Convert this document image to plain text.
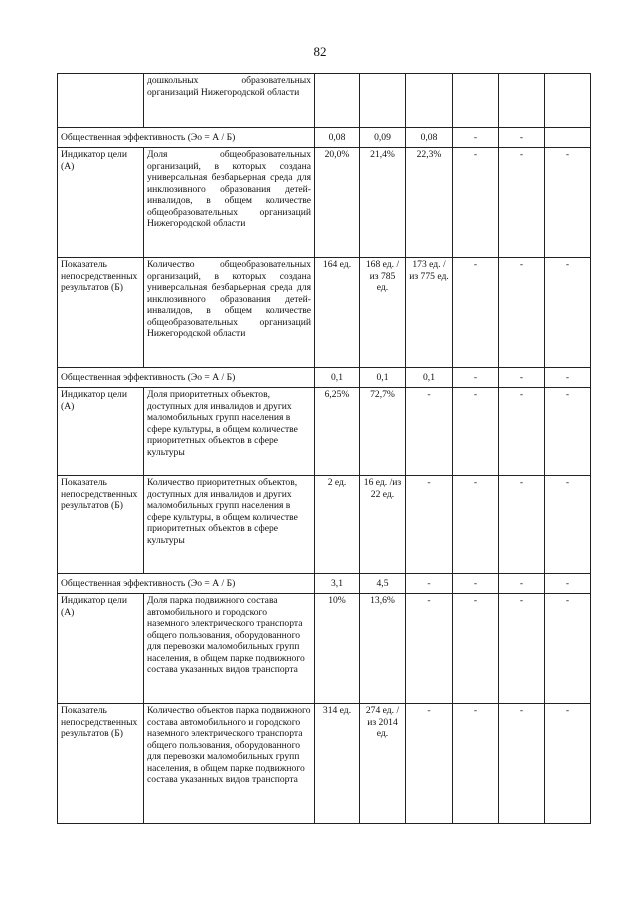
82
	дошкольных образовательных организаций Нижегородской области						
Общественная эффективность (Эо = А / Б)		0,08	0,09	0,08	-	-	
Индикатор цели (А)	Доля общеобразовательных организаций, в которых создана универсальная безбарьерная среда для инклюзивного образования детей-инвалидов, в общем количестве общеобразовательных организаций Нижегородской области	20,0%	21,4%	22,3%	-	-	-
Показатель непосредственных результатов (Б)	Количество общеобразовательных организаций, в которых создана универсальная безбарьерная среда для инклюзивного образования детей-инвалидов, в общем количестве общеобразовательных организаций Нижегородской области	164 ед.	168 ед. /из 785 ед.	173 ед. /из 775 ед.	-	-	-
Общественная эффективность (Эо = А / Б)		0,1	0,1	0,1	-	-	-
Индикатор цели (А)	Доля приоритетных объектов, доступных для инвалидов и других маломобильных групп населения в сфере культуры, в общем количестве приоритетных объектов в сфере культуры	6,25%	72,7%	-	-	-	-
Показатель непосредственных результатов (Б)	Количество приоритетных объектов, доступных для инвалидов и других маломобильных групп населения в сфере культуры, в общем количестве приоритетных объектов в сфере культуры	2 ед.	16 ед. /из 22 ед.	-	-	-	-
Общественная эффективность (Эо = А / Б)		3,1	4,5	-	-	-	-
Индикатор цели (А)	Доля парка подвижного состава автомобильного и городского наземного электрического транспорта общего пользования, оборудованного для перевозки маломобильных групп населения, в общем парке подвижного состава указанных видов транспорта	10%	13,6%	-	-	-	-
Показатель непосредственных результатов (Б)	Количество объектов парка подвижного состава автомобильного и городского наземного электрического транспорта общего пользования, оборудованного для перевозки маломобильных групп населения, в общем парке подвижного состава указанных видов транспорта	314 ед.	274 ед. /из 2014 ед.	-	-	-	-
